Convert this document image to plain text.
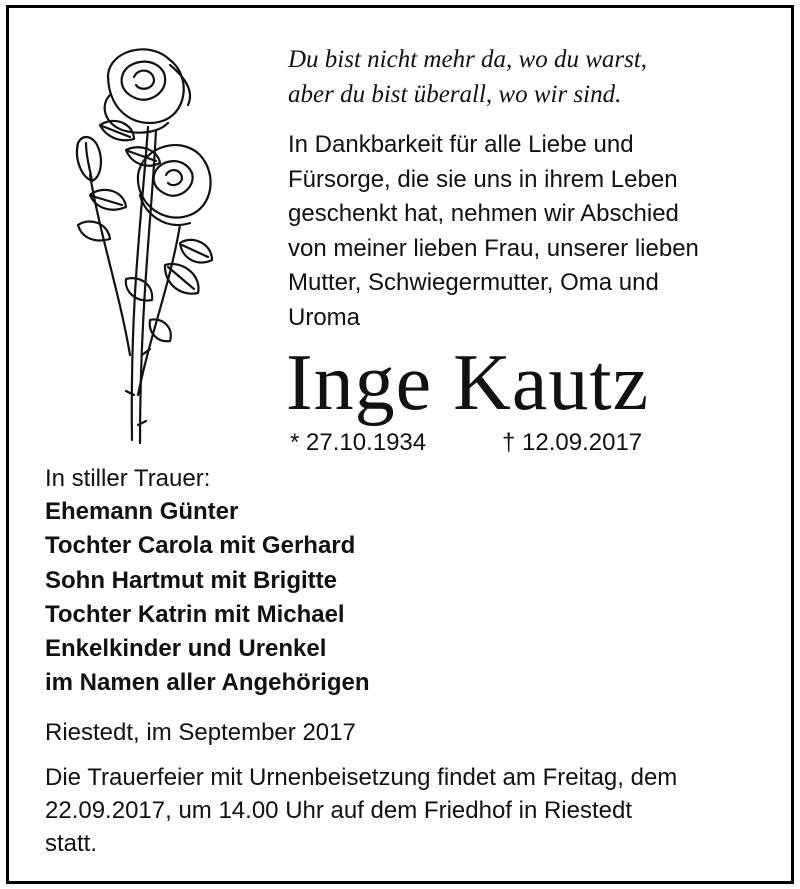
Du bist nicht mehr da, wo du warst,
aber du bist überall, wo wir sind.
In Dankbarkeit für alle Liebe und
Fürsorge, die sie uns in ihrem Leben
geschenkt hat, nehmen wir Abschied
von meiner lieben Frau, unserer lieben
Mutter, Schwiegermutter, Oma und
Uroma
Inge Kautz
* 27.10.1934	† 12.09.2017
In stiller Trauer:
Ehemann Günter
Tochter Carola mit Gerhard
Sohn Hartmut mit Brigitte
Tochter Katrin mit Michael
Enkelkinder und Urenkel
im Namen aller Angehörigen
Riestedt, im September 2017
Die Trauerfeier mit Urnenbeisetzung findet am Freitag, dem
22.09.2017, um 14.00 Uhr auf dem Friedhof in Riestedt
statt.
